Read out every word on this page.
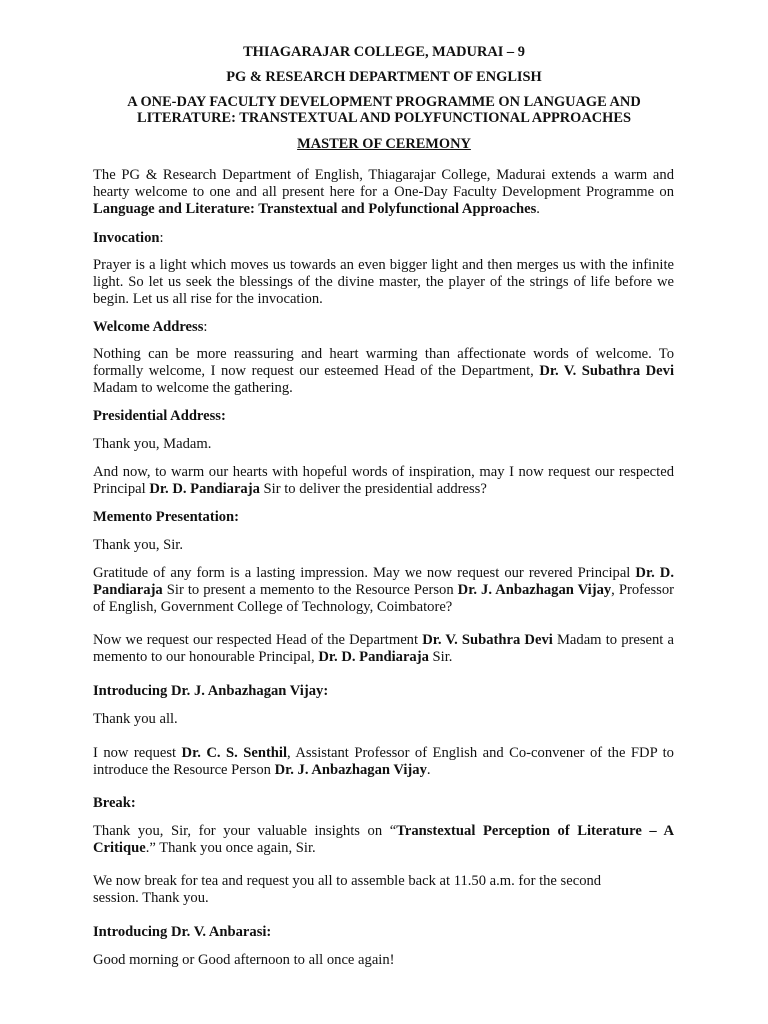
THIAGARAJAR COLLEGE, MADURAI – 9
PG & RESEARCH DEPARTMENT OF ENGLISH
A ONE-DAY FACULTY DEVELOPMENT PROGRAMME ON LANGUAGE AND
LITERATURE: TRANSTEXTUAL AND POLYFUNCTIONAL APPROACHES
MASTER OF CEREMONY

The PG & Research Department of English, Thiagarajar College, Madurai extends a warm and hearty welcome to one and all present here for a One-Day Faculty Development Programme on Language and Literature: Transtextual and Polyfunctional Approaches.

Invocation:

Prayer is a light which moves us towards an even bigger light and then merges us with the infinite light. So let us seek the blessings of the divine master, the player of the strings of life before we begin. Let us all rise for the invocation.

Welcome Address:

Nothing can be more reassuring and heart warming than affectionate words of welcome. To formally welcome, I now request our esteemed Head of the Department, Dr. V. Subathra Devi Madam to welcome the gathering.

Presidential Address:
Thank you, Madam.

And now, to warm our hearts with hopeful words of inspiration, may I now request our respected Principal Dr. D. Pandiaraja Sir to deliver the presidential address?

Memento Presentation:
Thank you, Sir.

Gratitude of any form is a lasting impression. May we now request our revered Principal Dr. D. Pandiaraja Sir to present a memento to the Resource Person Dr. J. Anbazhagan Vijay, Professor of English, Government College of Technology, Coimbatore?

Now we request our respected Head of the Department Dr. V. Subathra Devi Madam to present a memento to our honourable Principal, Dr. D. Pandiaraja Sir.

Introducing Dr. J. Anbazhagan Vijay:
Thank you all.

I now request Dr. C. S. Senthil, Assistant Professor of English and Co-convener of the FDP to introduce the Resource Person Dr. J. Anbazhagan Vijay.

Break:

Thank you, Sir, for your valuable insights on “Transtextual Perception of Literature – A Critique.” Thank you once again, Sir.

We now break for tea and request you all to assemble back at 11.50 a.m. for the second session. Thank you.

Introducing Dr. V. Anbarasi:
Good morning or Good afternoon to all once again!
